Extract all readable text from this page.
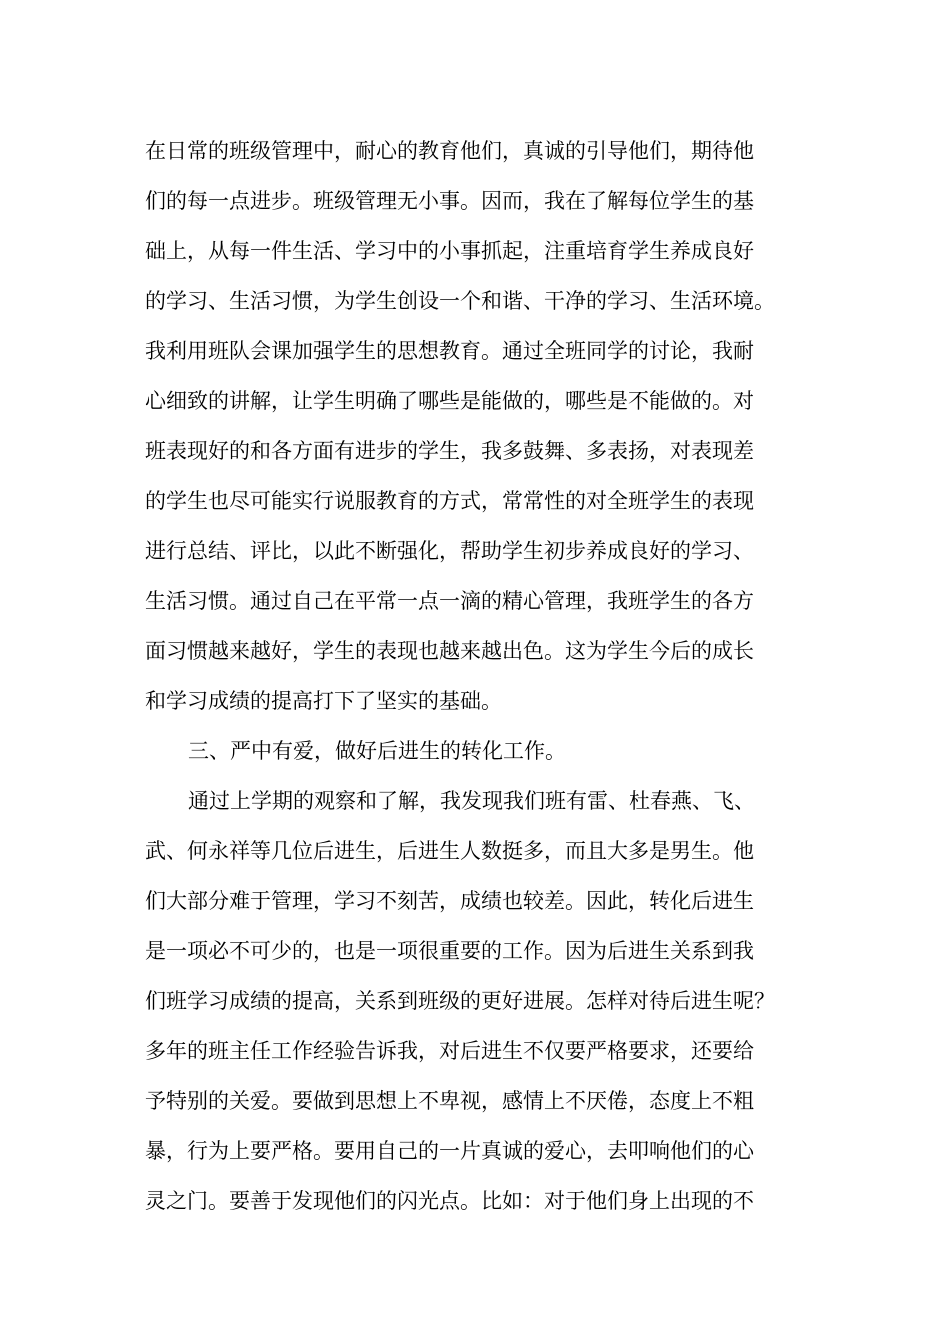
在日常的班级管理中，耐心的教育他们，真诚的引导他们，期待他
们的每一点进步。班级管理无小事。因而，我在了解每位学生的基
础上，从每一件生活、学习中的小事抓起，注重培育学生养成良好
的学习、生活习惯，为学生创设一个和谐、干净的学习、生活环境。
我利用班队会课加强学生的思想教育。通过全班同学的讨论，我耐
心细致的讲解，让学生明确了哪些是能做的，哪些是不能做的。对
班表现好的和各方面有进步的学生，我多鼓舞、多表扬，对表现差
的学生也尽可能实行说服教育的方式，常常性的对全班学生的表现
进行总结、评比，以此不断强化，帮助学生初步养成良好的学习、
生活习惯。通过自己在平常一点一滴的精心管理，我班学生的各方
面习惯越来越好，学生的表现也越来越出色。这为学生今后的成长
和学习成绩的提高打下了坚实的基础。
三、严中有爱，做好后进生的转化工作。
通过上学期的观察和了解，我发现我们班有雷、杜春燕、飞、
武、何永祥等几位后进生，后进生人数挺多，而且大多是男生。他
们大部分难于管理，学习不刻苦，成绩也较差。因此，转化后进生
是一项必不可少的，也是一项很重要的工作。因为后进生关系到我
们班学习成绩的提高，关系到班级的更好进展。怎样对待后进生呢？
多年的班主任工作经验告诉我，对后进生不仅要严格要求，还要给
予特别的关爱。要做到思想上不卑视，感情上不厌倦，态度上不粗
暴，行为上要严格。要用自己的一片真诚的爱心，去叩响他们的心
灵之门。要善于发现他们的闪光点。比如：对于他们身上出现的不
